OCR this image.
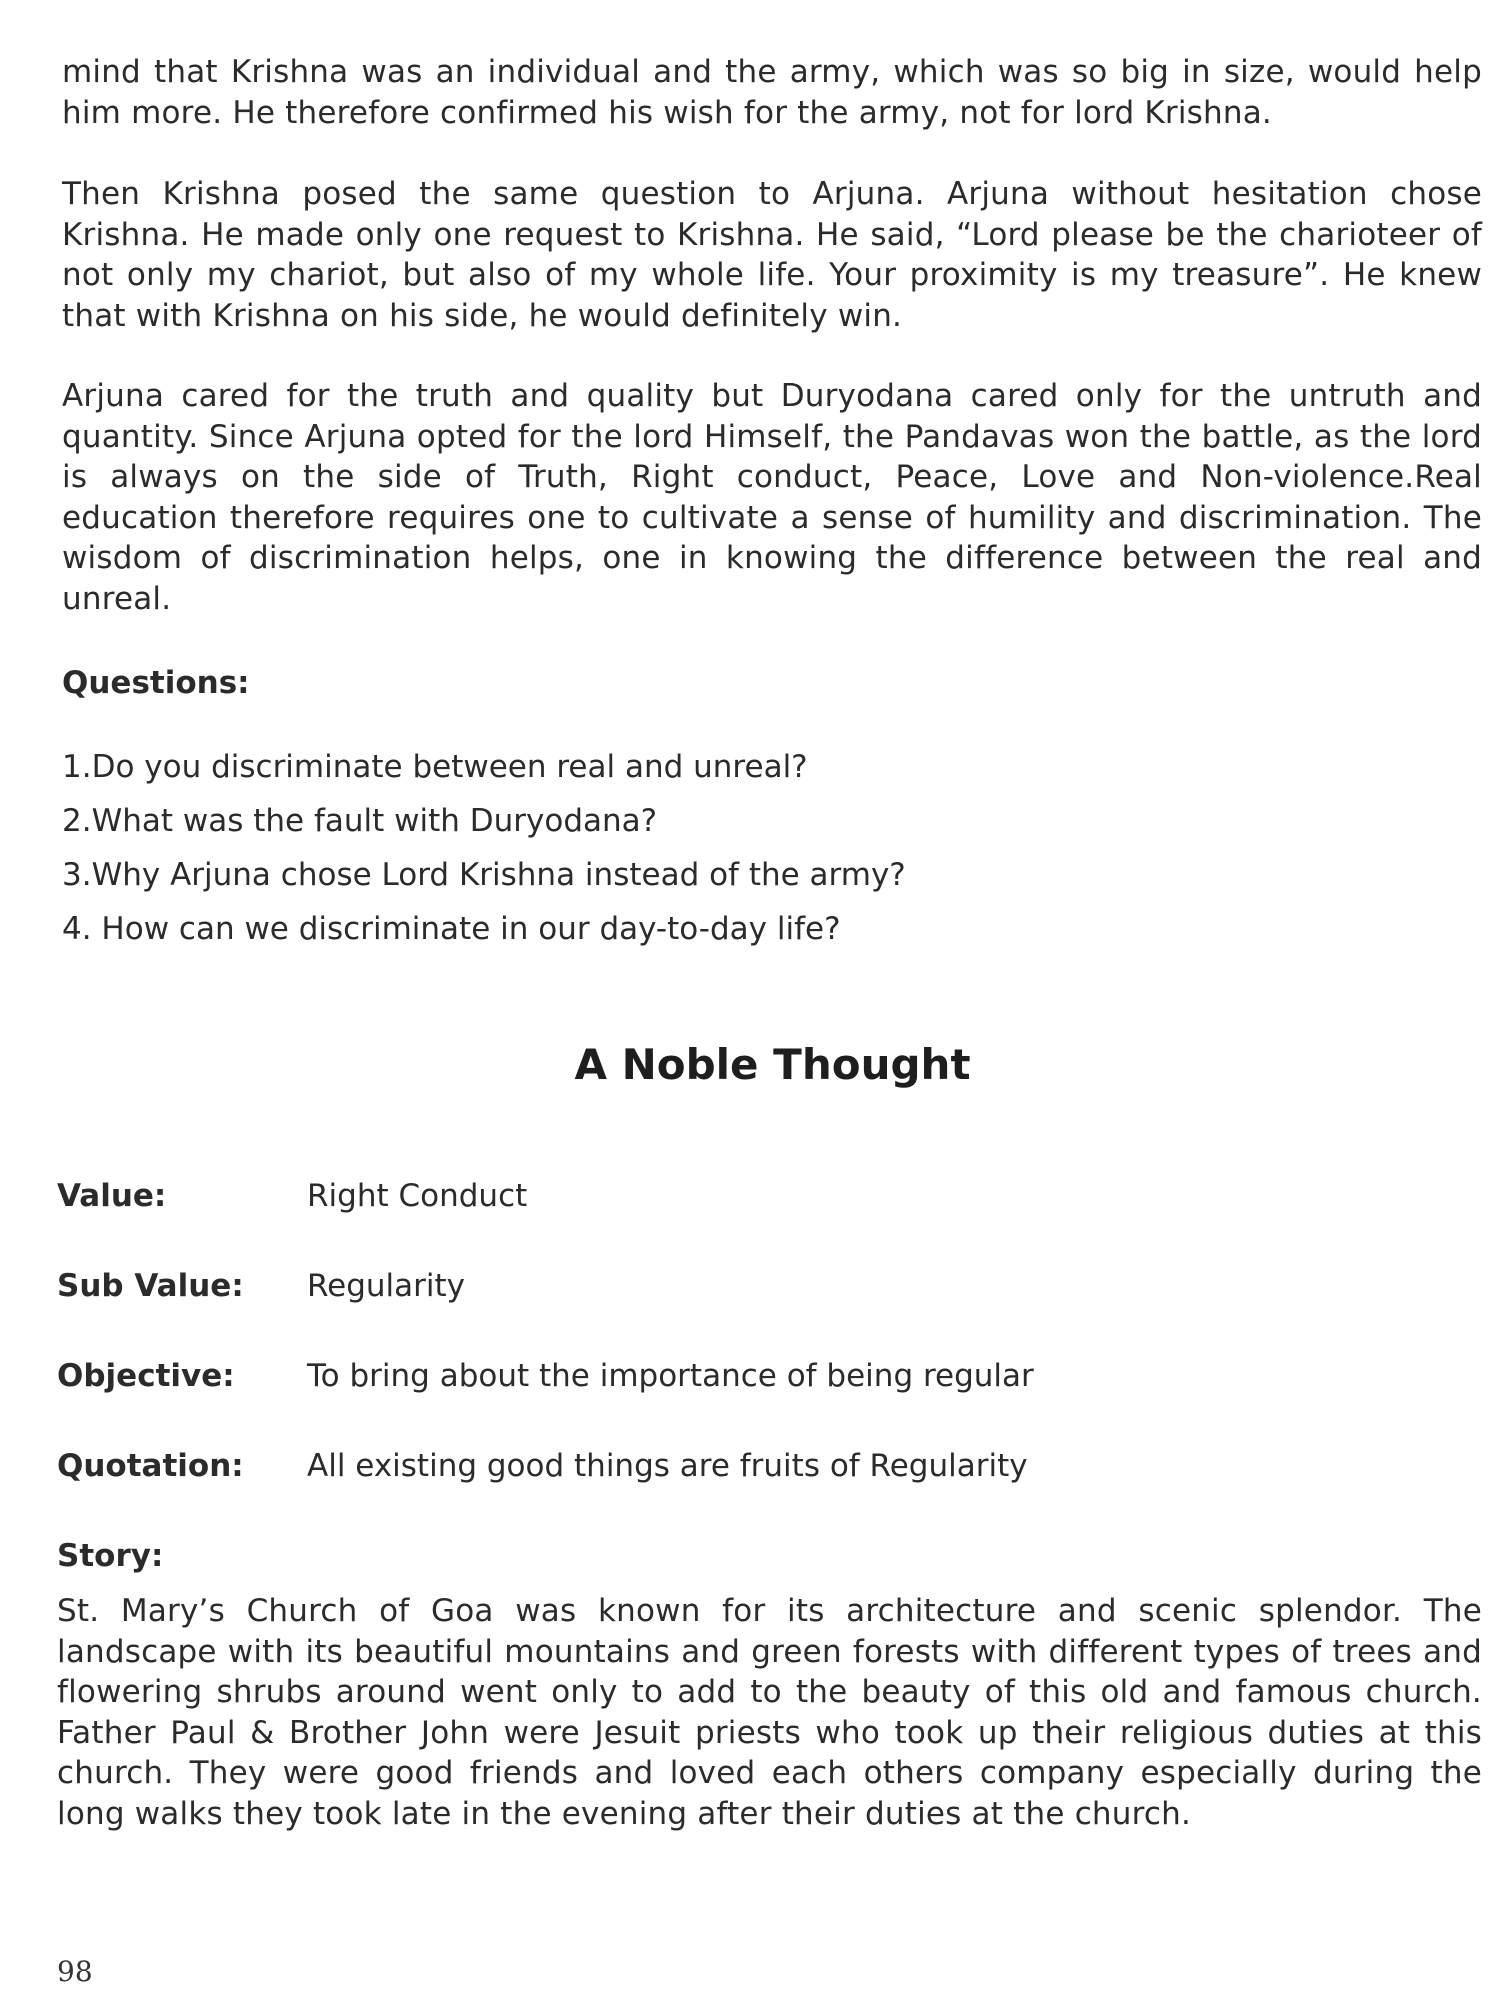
mind that Krishna was an individual and the army, which was so big in size, would help him more. He therefore confirmed his wish for the army, not for lord Krishna.

Then Krishna posed the same question to Arjuna. Arjuna without hesitation chose Krishna. He made only one request to Krishna. He said, “Lord please be the charioteer of not only my chariot, but also of my whole life. Your proximity is my treasure”. He knew that with Krishna on his side, he would definitely win.

Arjuna cared for the truth and quality but Duryodana cared only for the untruth and quantity. Since Arjuna opted for the lord Himself, the Pandavas won the battle, as the lord is always on the side of Truth, Right conduct, Peace, Love and Non-violence.Real education therefore requires one to cultivate a sense of humility and discrimination. The wisdom of discrimination helps, one in knowing the difference between the real and unreal.

Questions:
1.Do you discriminate between real and unreal?
2.What was the fault with Duryodana?
3.Why Arjuna chose Lord Krishna instead of the army?
4. How can we discriminate in our day-to-day life?
A Noble Thought
Value:	Right Conduct
Sub Value: Regularity
Objective: To bring about the importance of being regular
Quotation: All existing good things are fruits of Regularity
Story:

St. Mary’s Church of Goa was known for its architecture and scenic splendor. The landscape with its beautiful mountains and green forests with different types of trees and flowering shrubs around went only to add to the beauty of this old and famous church. Father Paul & Brother John were Jesuit priests who took up their religious duties at this church. They were good friends and loved each others company especially during the long walks they took late in the evening after their duties at the church.

98
